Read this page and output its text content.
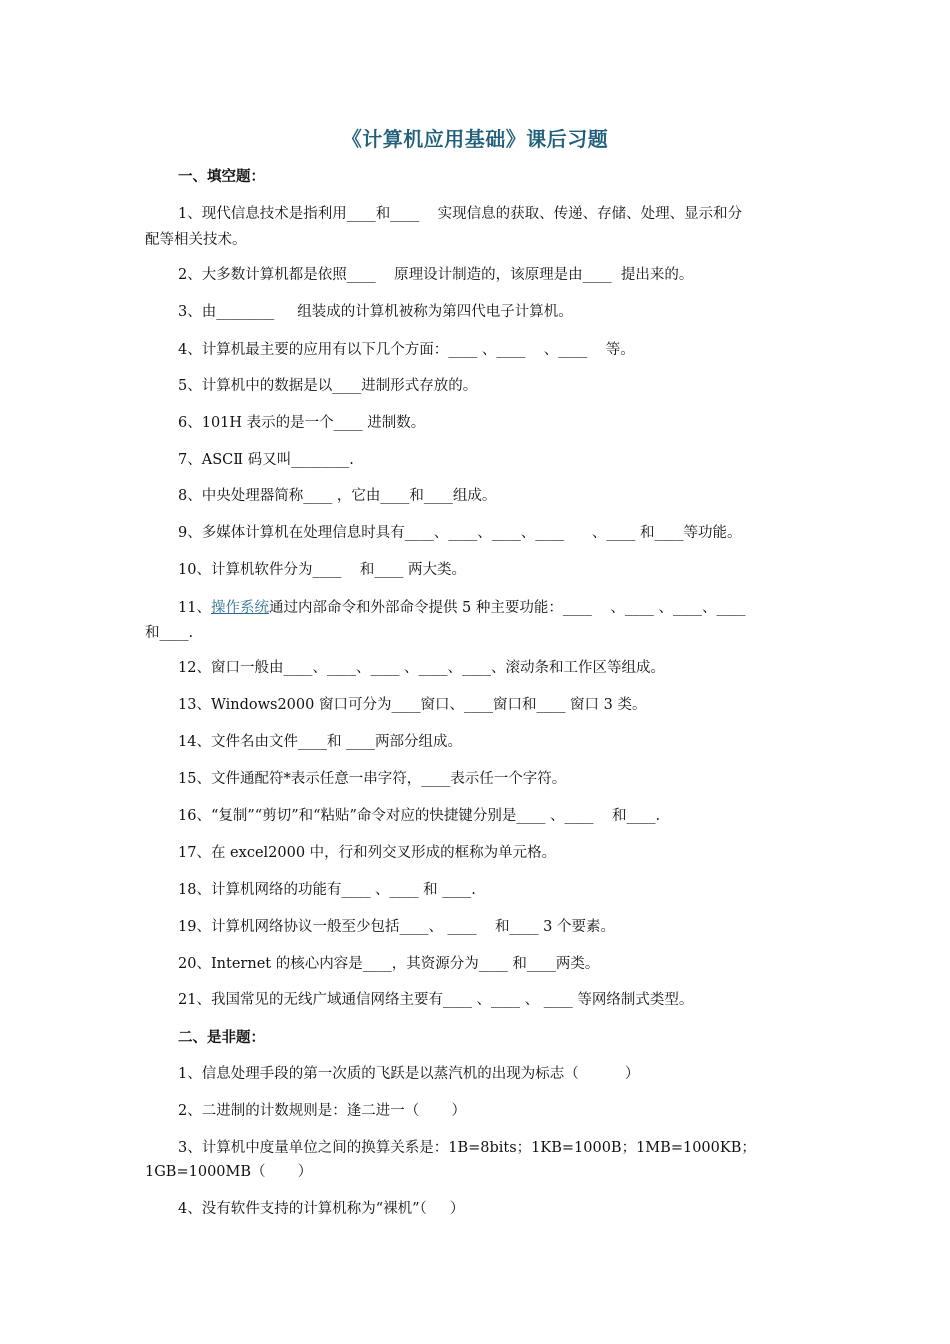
《计算机应用基础》课后习题
一、填空题：
1、现代信息技术是指利用____和____    实现信息的获取、传递、存储、处理、显示和分
配等相关技术。
2、大多数计算机都是依照____    原理设计制造的，该原理是由____  提出来的。
3、由________     组装成的计算机被称为第四代电子计算机。
4、计算机最主要的应用有以下几个方面：____ 、____    、____    等。
5、计算机中的数据是以____进制形式存放的。
6、101H 表示的是一个____ 进制数。
7、ASCⅡ 码又叫________.
8、中央处理器简称____ ，它由____和____组成。
9、多媒体计算机在处理信息时具有____、____、____、____      、____ 和____等功能。
10、计算机软件分为____    和____ 两大类。
11、操作系统通过内部命令和外部命令提供 5 种主要功能：____    、____ 、____、____
和____.
12、窗口一般由____、____、____ 、____、____、滚动条和工作区等组成。
13、Windows2000 窗口可分为____窗口、____窗口和____ 窗口 3 类。
14、文件名由文件____和 ____两部分组成。
15、文件通配符*表示任意一串字符，____表示任一个字符。
16、“复制”“剪切”和“粘贴”命令对应的快捷键分别是____ 、____    和____.
17、在 excel2000 中，行和列交叉形成的框称为单元格。
18、计算机网络的功能有____ 、____ 和 ____.
19、计算机网络协议一般至少包括____、 ____    和____ 3 个要素。
20、Internet 的核心内容是____，其资源分为____ 和____两类。
21、我国常见的无线广域通信网络主要有____ 、____ 、 ____ 等网络制式类型。
二、是非题：
1、信息处理手段的第一次质的飞跃是以蒸汽机的出现为标志（          ）
2、二进制的计数规则是：逢二进一（       ）
3、计算机中度量单位之间的换算关系是：1B=8bits；1KB=1000B；1MB=1000KB；
1GB=1000MB（       ）
4、没有软件支持的计算机称为“裸机”（     ）
